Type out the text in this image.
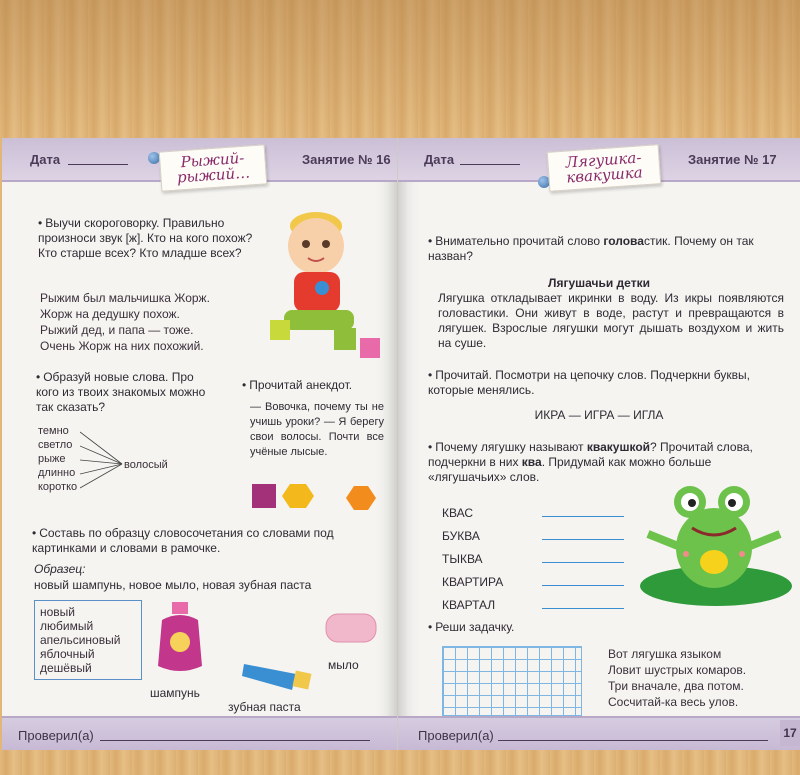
Дата	Занятие № 16
Рыжий-рыжий…
• Выучи скороговорку. Правильно произноси звук [ж]. Кто на кого похож? Кто старше всех? Кто младше всех?
Рыжим был мальчишка Жорж.
Жорж на дедушку похож.
Рыжий дед, и папа — тоже.
Очень Жорж на них похожий.
• Образуй новые слова. Про кого из твоих знакомых можно так сказать?
темно
светло
рыже
длинно
коротко
волосый
• Прочитай анекдот.
— Вовочка, почему ты не учишь уроки? — Я берегу свои волосы. Почти все учёные лысые.
• Составь по образцу словосочетания со словами под картинками и словами в рамочке.
Образец:
новый шампунь, новое мыло, новая зубная паста
новый
любимый
апельсиновый
яблочный
дешёвый
шампунь
зубная паста
мыло
Проверил(а)
Дата	Занятие № 17
Лягушка-квакушка
• Внимательно прочитай слово головастик. Почему он так назван?
Лягушачьи детки
Лягушка откладывает икринки в воду. Из икры появляются головастики. Они живут в воде, растут и превращаются в лягушек. Взрослые лягушки могут дышать воздухом и жить на суше.
• Прочитай. Посмотри на цепочку слов. Подчеркни буквы, которые менялись.
ИКРА — ИГРА — ИГЛА
• Почему лягушку называют квакушкой? Прочитай слова, подчеркни в них ква. Придумай как можно больше «лягушачьих» слов.
КВАС
БУКВА
ТЫКВА
КВАРТИРА
КВАРТАЛ
• Реши задачку.
Вот лягушка языком
Ловит шустрых комаров.
Три вначале, два потом.
Сосчитай-ка весь улов.
Проверил(а)	17
